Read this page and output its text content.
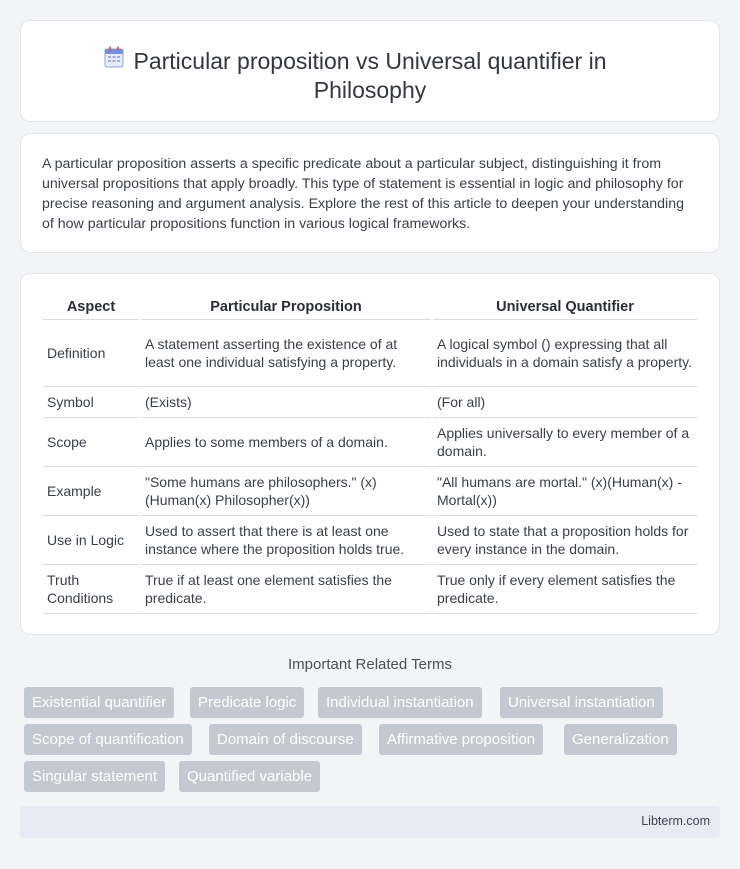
Particular proposition vs Universal quantifier in
Philosophy

A particular proposition asserts a specific predicate about a particular subject, distinguishing it from universal propositions that apply broadly. This type of statement is essential in logic and philosophy for precise reasoning and argument analysis. Explore the rest of this article to deepen your understanding of how particular propositions function in various logical frameworks.

Aspect	Particular Proposition	Universal Quantifier
Definition	A statement asserting the existence of at least one individual satisfying a property.	A logical symbol () expressing that all individuals in a domain satisfy a property.
Symbol	(Exists)	(For all)
Scope	Applies to some members of a domain.	Applies universally to every member of a domain.
Example	"Some humans are philosophers." (x)(Human(x) Philosopher(x))	"All humans are mortal." (x)(Human(x) - Mortal(x))
Use in Logic	Used to assert that there is at least one instance where the proposition holds true.	Used to state that a proposition holds for every instance in the domain.
Truth Conditions	True if at least one element satisfies the predicate.	True only if every element satisfies the predicate.
Important Related Terms
Existential quantifier	Predicate logic	Individual instantiation	Universal instantiation
Scope of quantification	Domain of discourse	Affirmative proposition	Generalization
Singular statement	Quantified variable
Libterm.com
